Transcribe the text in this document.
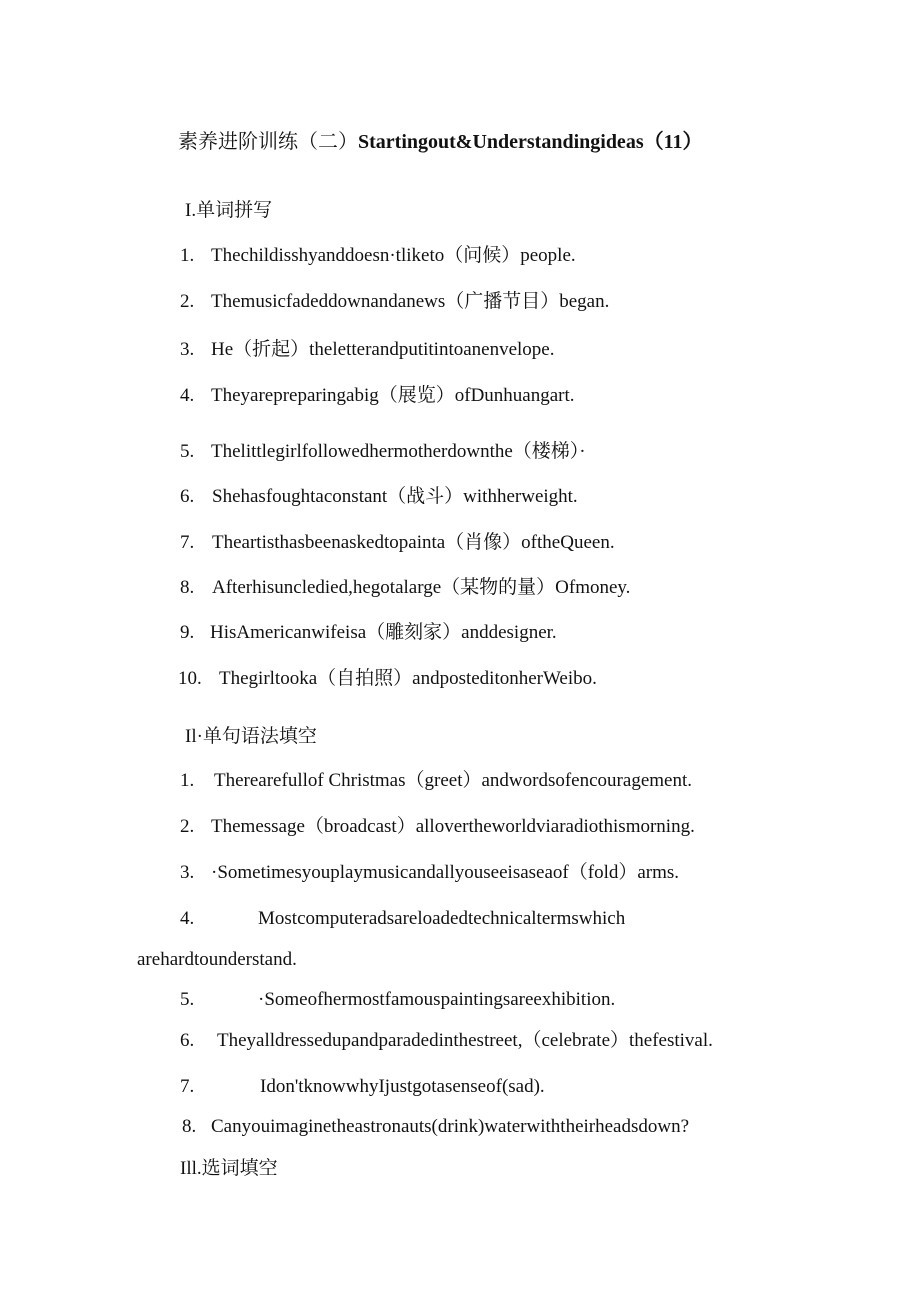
素养进阶训练（二）Startingout&Understandingideas（11）
I.单词拼写
1. Thechildisshyanddoesn·tliketo（问候）people.
2. Themusicfadeddownandanews（广播节目）began.
3. He（折起）theletterandputitintoanenvelope.
4. Theyarepreparingabig（展览）ofDunhuangart.
5. Thelittlegirlfollowedhermotherdownthe（楼梯）·
6. Shehasfoughtaconstant（战斗）withherweight.
7. Theartisthasbeenaskedtopainta（肖像）oftheQueen.
8. Afterhisuncledied,hegotalarge（某物的量）Ofmoney.
9. HisAmericanwifeisa（雕刻家）anddesigner.
10. Thegirltooka（自拍照）andposteditonherWeibo.
Il·单句语法填空
1. Therearefullof Christmas（greet）andwordsofencouragement.
2. Themessage（broadcast）allovertheworldviaradiothismorning.
3. ·Sometimesyouplaymusicandallyouseeisaseaof（fold）arms.
4.	Mostcomputeradsareloadedtechnicaltermswhich
arehardtounderstand.
5.	·Someofhermostfamouspaintingsareexhibition.
6. Theyalldressedupandparadedinthestreet,（celebrate）thefestival.
7.	Idon'tknowwhyIjustgotasenseof(sad).
8. Canyouimaginetheastronauts(drink)waterwiththeirheadsdown?
Ill.选词填空
